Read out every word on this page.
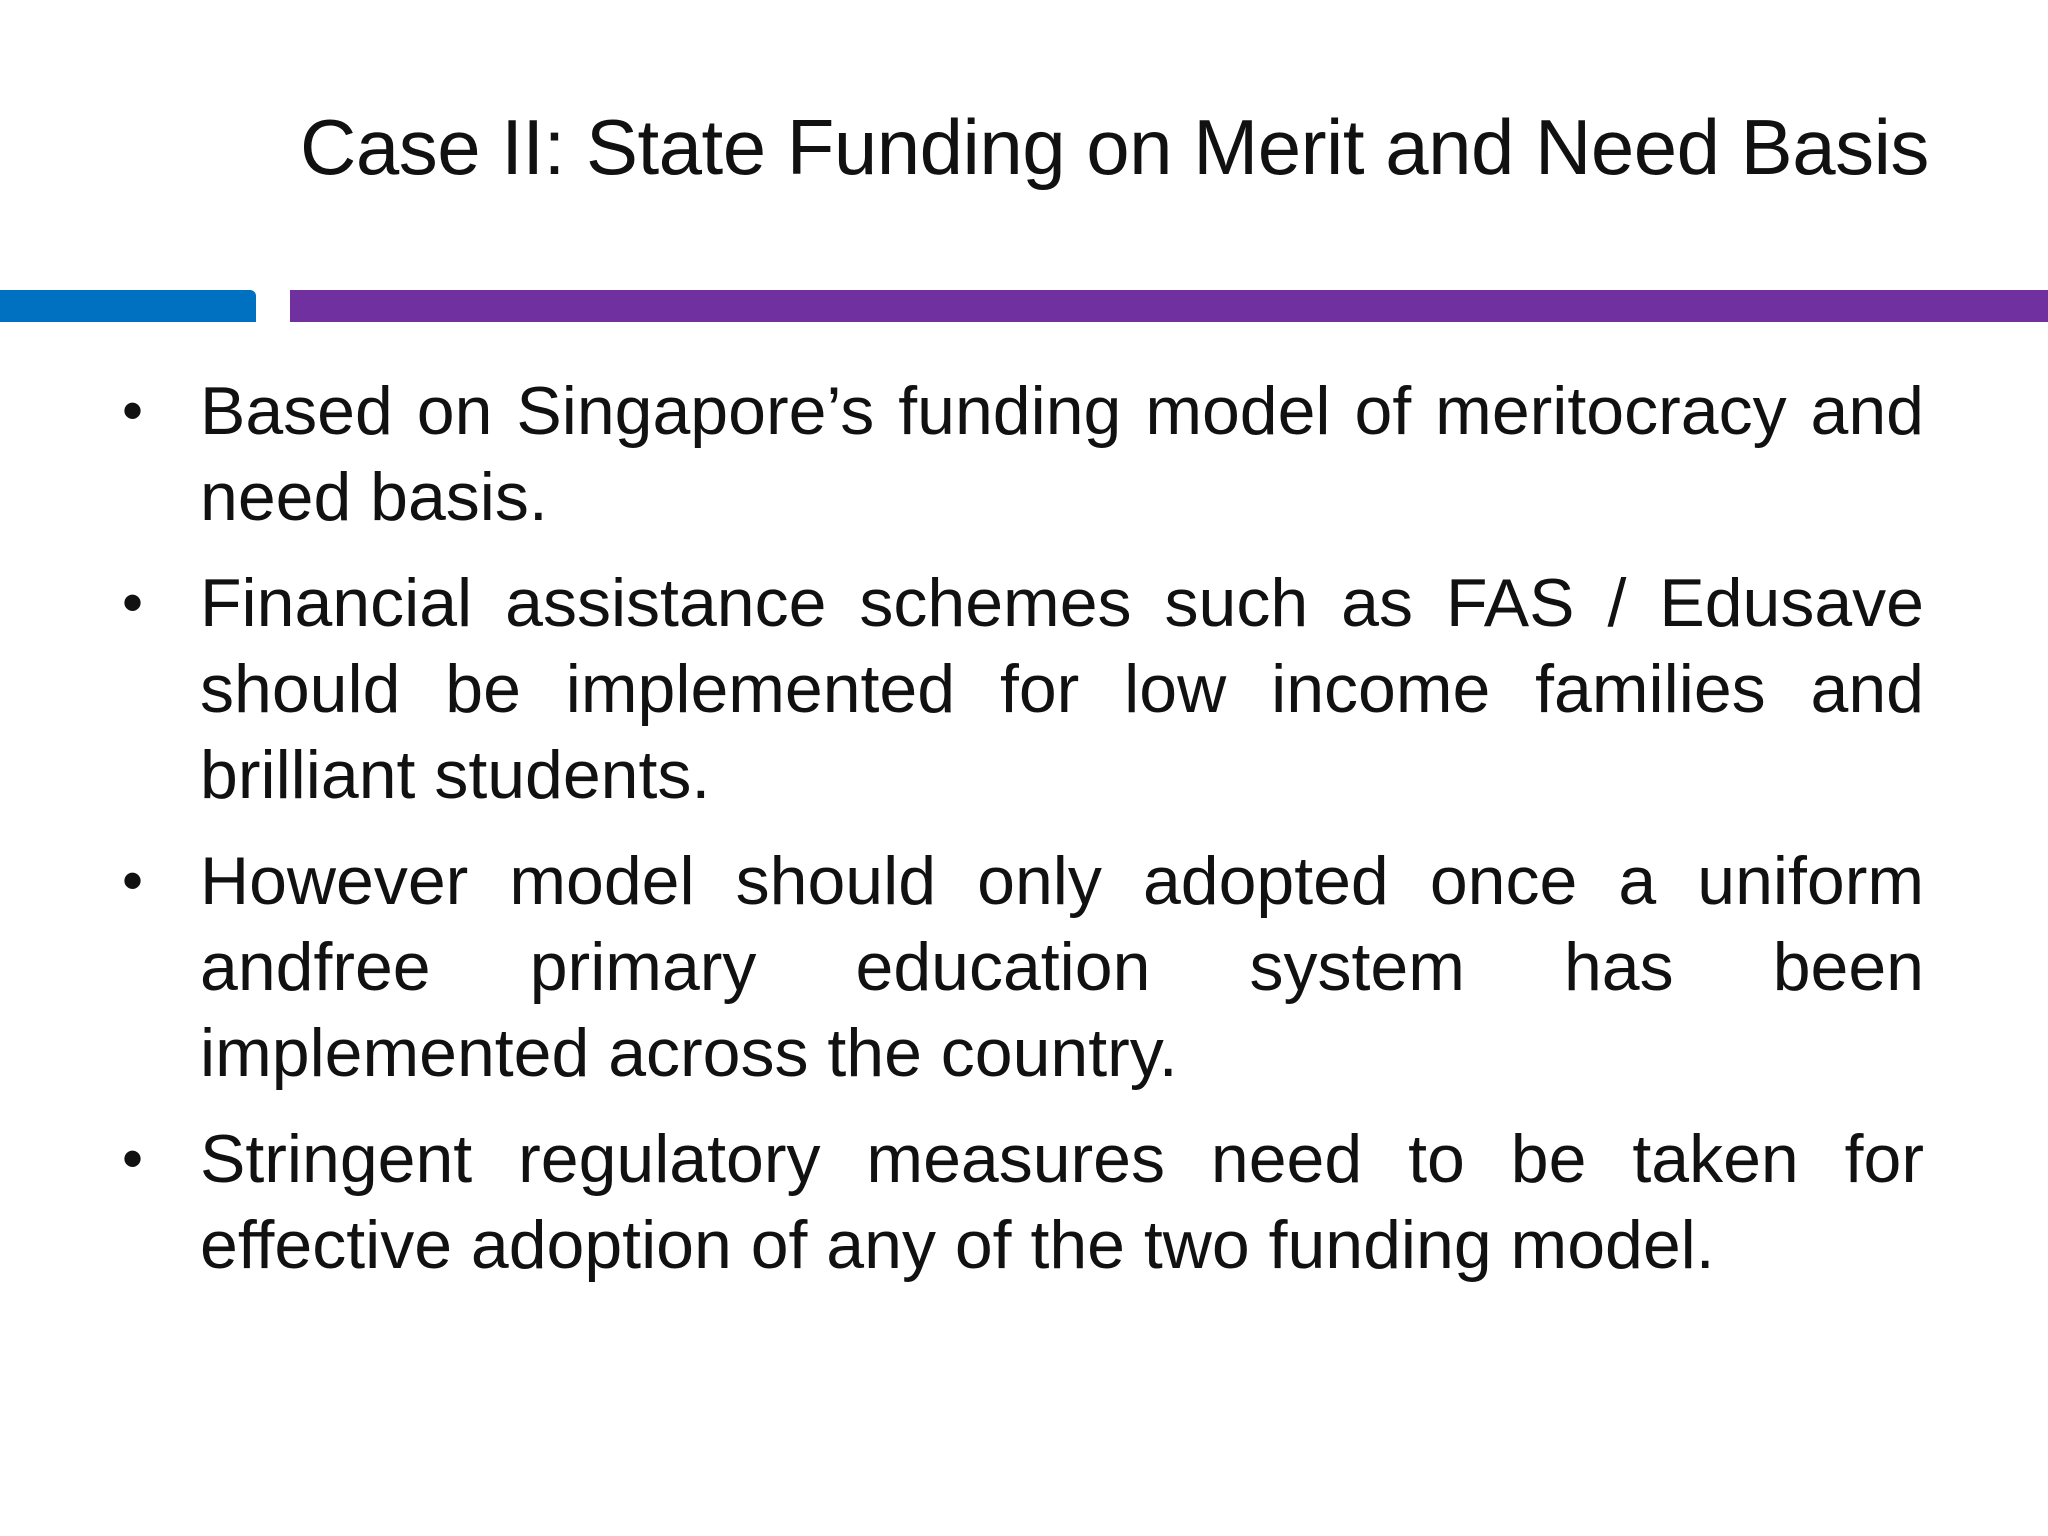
Case II: State Funding on Merit and Need Basis
• Based on Singapore’s funding model of meritocracy and need basis.
• Financial assistance schemes such as FAS / Edusave should be implemented for low income families and brilliant students.
• However model should only adopted once a uniform andfree primary education system has been implemented across the country.
• Stringent regulatory measures need to be taken for effective adoption of any of the two funding model.
